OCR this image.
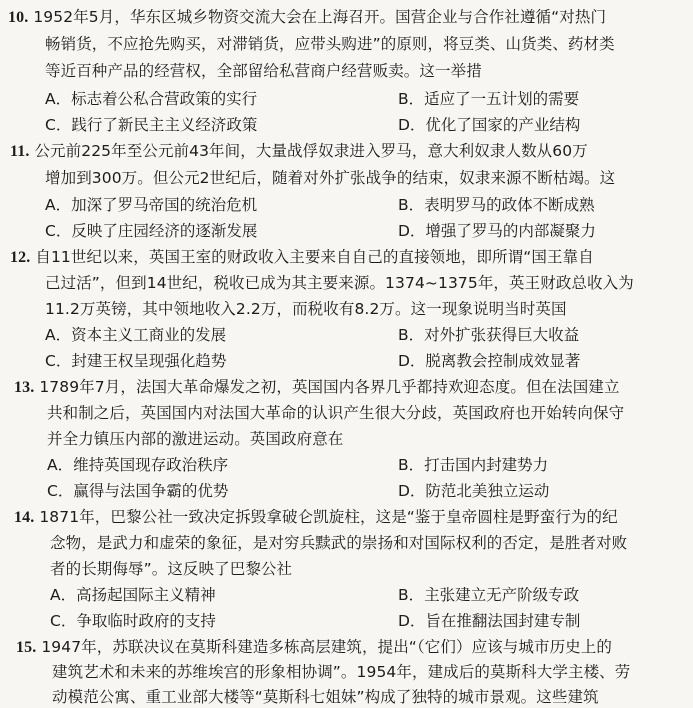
10. 1952年5月，华东区城乡物资交流大会在上海召开。国营企业与合作社遵循“对热门
畅销货，不应抢先购买，对滞销货，应带头购进”的原则，将豆类、山货类、药材类
等近百种产品的经营权，全部留给私营商户经营贩卖。这一举措
A．标志着公私合营政策的实行	B．适应了一五计划的需要
C．践行了新民主主义经济政策	D．优化了国家的产业结构
11. 公元前225年至公元前43年间，大量战俘奴隶进入罗马，意大利奴隶人数从60万
增加到300万。但公元2世纪后，随着对外扩张战争的结束，奴隶来源不断枯竭。这
A．加深了罗马帝国的统治危机	B．表明罗马的政体不断成熟
C．反映了庄园经济的逐渐发展	D．增强了罗马的内部凝聚力
12. 自11世纪以来，英国王室的财政收入主要来自自己的直接领地，即所谓“国王靠自
己过活”，但到14世纪，税收已成为其主要来源。1374~1375年，英王财政总收入为
11.2万英镑，其中领地收入2.2万，而税收有8.2万。这一现象说明当时英国
A．资本主义工商业的发展	B．对外扩张获得巨大收益
C．封建王权呈现强化趋势	D．脱离教会控制成效显著
13. 1789年7月，法国大革命爆发之初，英国国内各界几乎都持欢迎态度。但在法国建立
共和制之后，英国国内对法国大革命的认识产生很大分歧，英国政府也开始转向保守
并全力镇压内部的激进运动。英国政府意在
A．维持英国现存政治秩序	B．打击国内封建势力
C．赢得与法国争霸的优势	D．防范北美独立运动
14. 1871年，巴黎公社一致决定拆毁拿破仑凯旋柱，这是“鉴于皇帝圆柱是野蛮行为的纪
念物，是武力和虚荣的象征，是对穷兵黩武的崇扬和对国际权利的否定，是胜者对败
者的长期侮辱”。这反映了巴黎公社
A．高扬起国际主义精神	B．主张建立无产阶级专政
C．争取临时政府的支持	D．旨在推翻法国封建专制
15. 1947年，苏联决议在莫斯科建造多栋高层建筑，提出“（它们）应该与城市历史上的
建筑艺术和未来的苏维埃宫的形象相协调”。1954年，建成后的莫斯科大学主楼、劳
动模范公寓、重工业部大楼等“莫斯科七姐妹”构成了独特的城市景观。这些建筑
